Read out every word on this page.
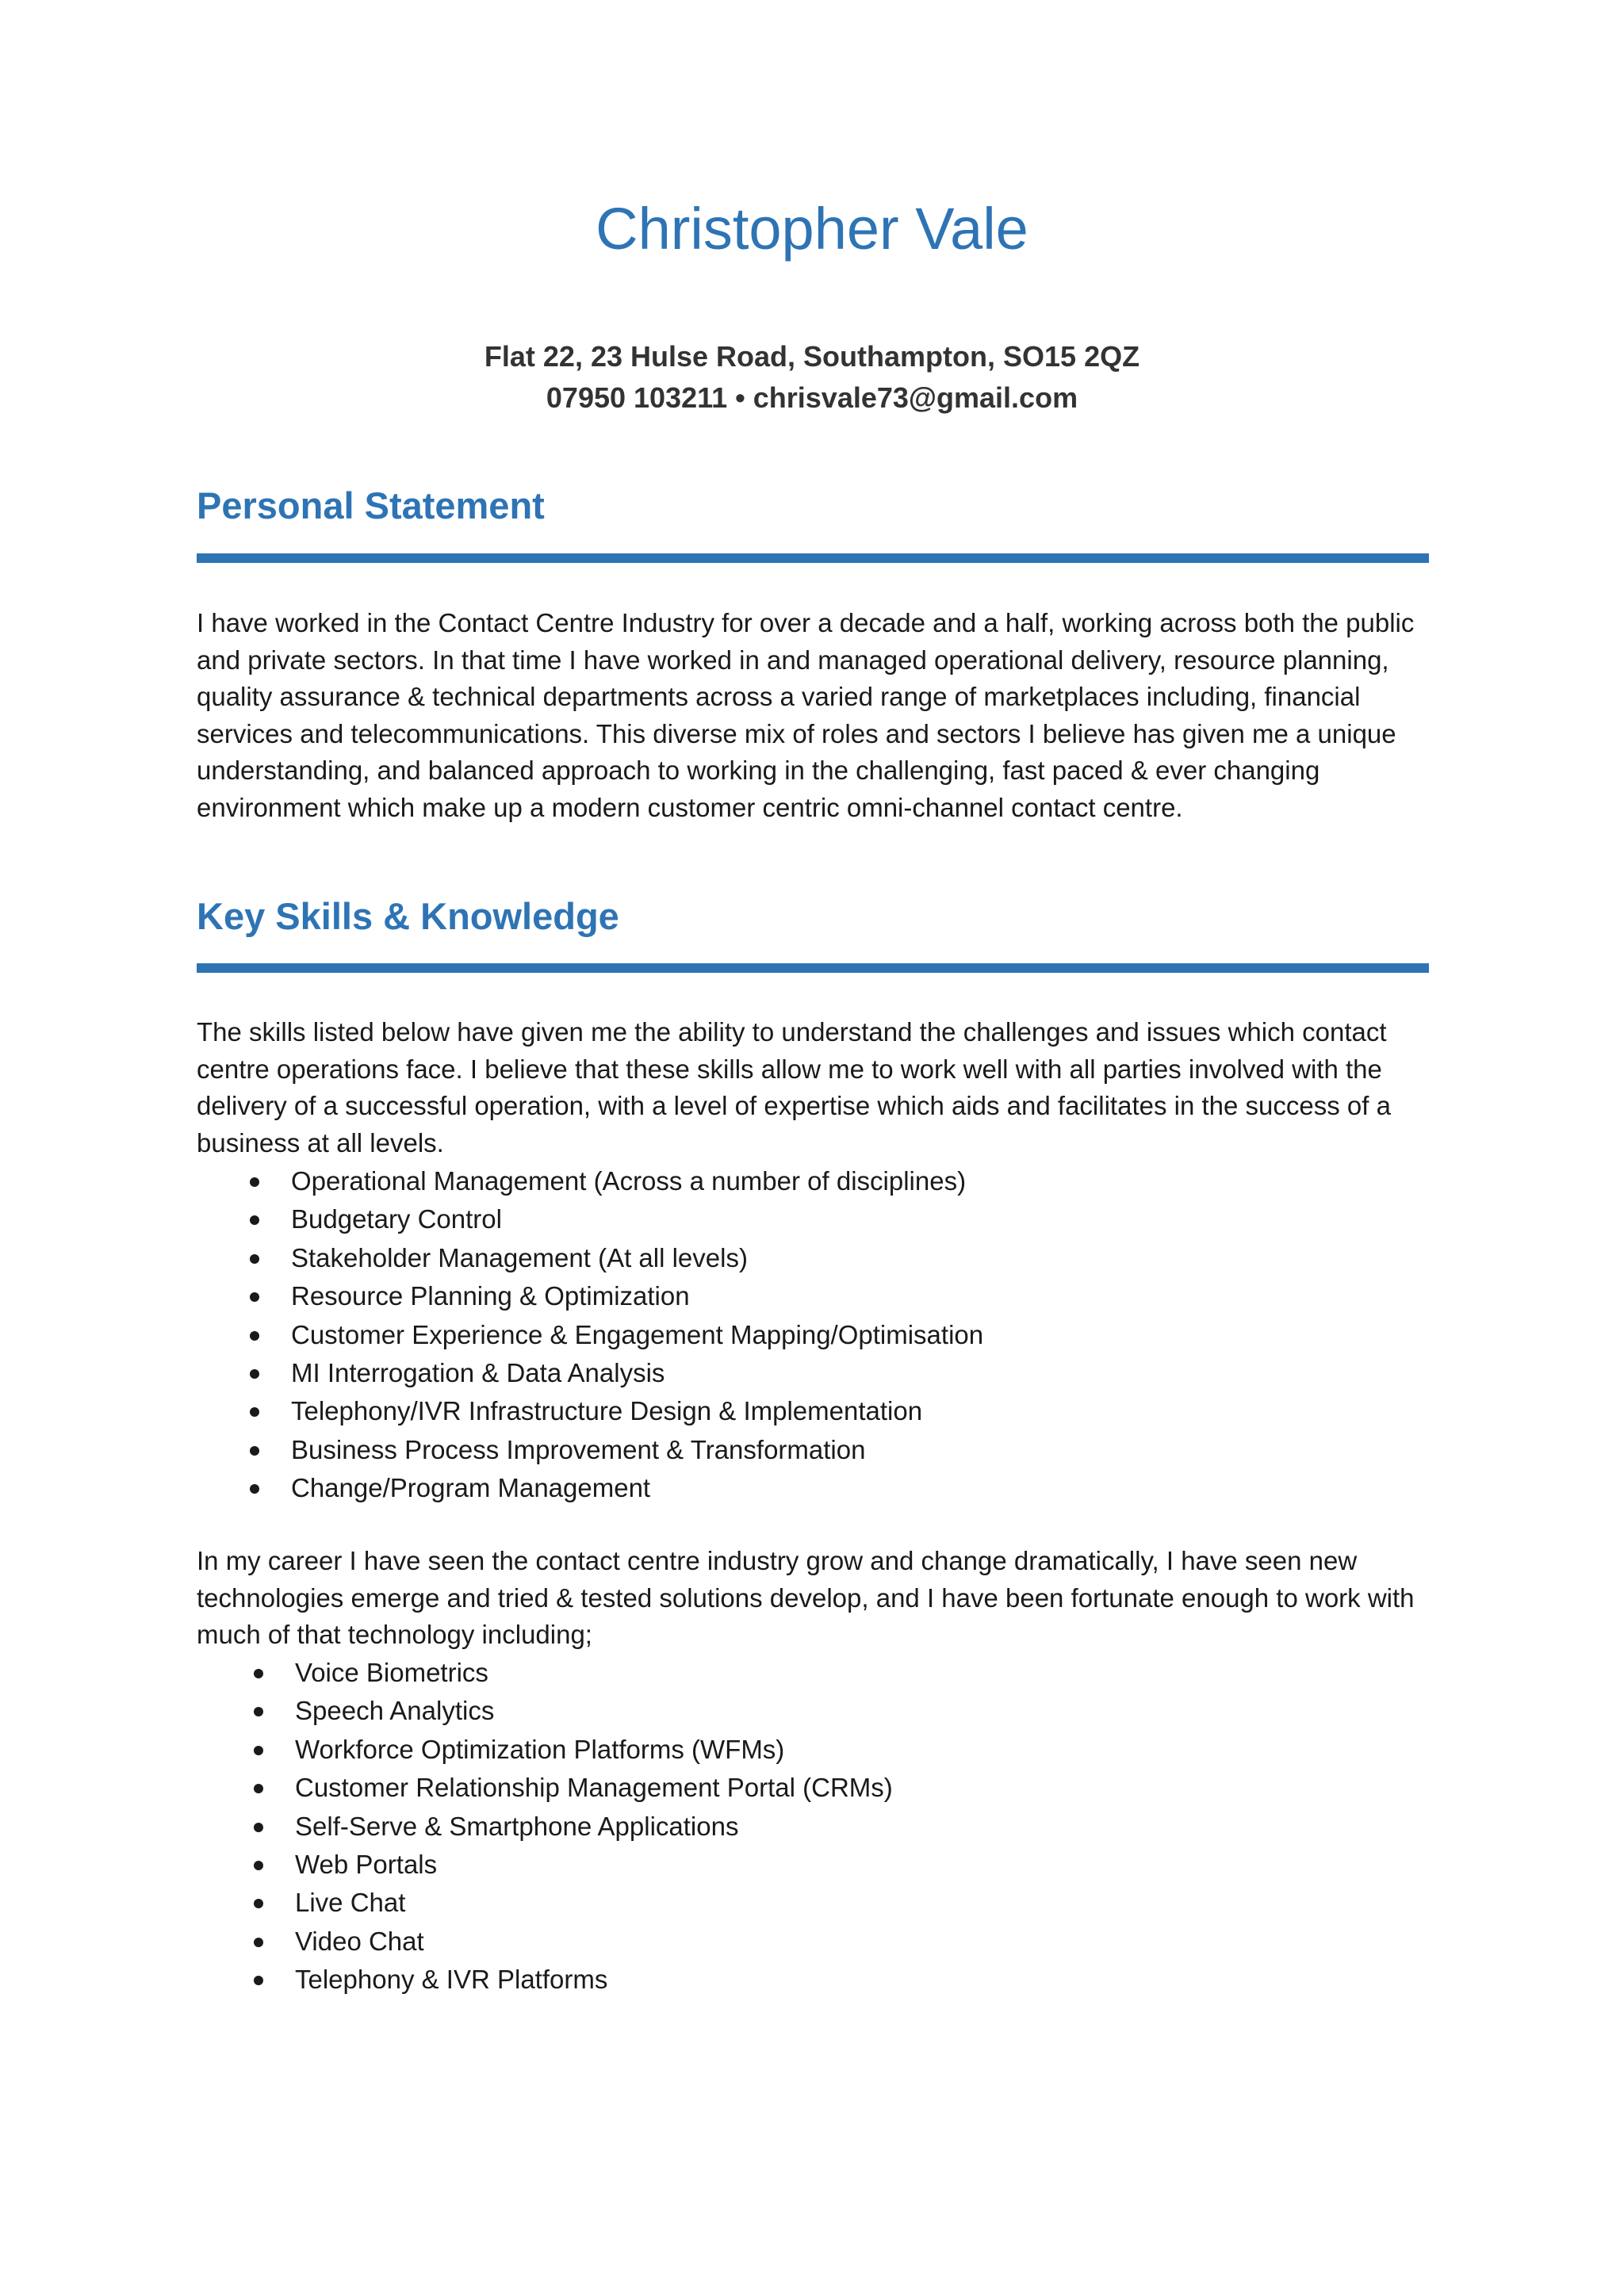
Christopher Vale
Flat 22, 23 Hulse Road, Southampton, SO15 2QZ
07950 103211 • chrisvale73@gmail.com
Personal Statement

I have worked in the Contact Centre Industry for over a decade and a half, working across both the public and private sectors. In that time I have worked in and managed operational delivery, resource planning, quality assurance & technical departments across a varied range of marketplaces including, financial services and telecommunications. This diverse mix of roles and sectors I believe has given me a unique understanding, and balanced approach to working in the challenging, fast paced & ever changing environment which make up a modern customer centric omni-channel contact centre.

Key Skills & Knowledge

The skills listed below have given me the ability to understand the challenges and issues which contact centre operations face. I believe that these skills allow me to work well with all parties involved with the delivery of a successful operation, with a level of expertise which aids and facilitates in the success of a business at all levels.

Operational Management (Across a number of disciplines)
Budgetary Control
Stakeholder Management (At all levels)
Resource Planning & Optimization
Customer Experience & Engagement Mapping/Optimisation
MI Interrogation & Data Analysis
Telephony/IVR Infrastructure Design & Implementation
Business Process Improvement & Transformation
Change/Program Management

In my career I have seen the contact centre industry grow and change dramatically, I have seen new technologies emerge and tried & tested solutions develop, and I have been fortunate enough to work with much of that technology including;

Voice Biometrics
Speech Analytics
Workforce Optimization Platforms (WFMs)
Customer Relationship Management Portal (CRMs)
Self-Serve & Smartphone Applications
Web Portals
Live Chat
Video Chat
Telephony & IVR Platforms
